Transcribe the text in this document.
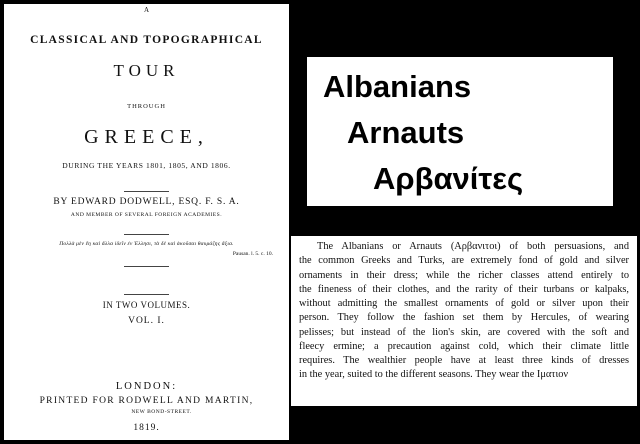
A
CLASSICAL AND TOPOGRAPHICAL
TOUR
THROUGH
GREECE,
DURING THE YEARS 1801, 1805, AND 1806.
BY EDWARD DODWELL, ESQ. F. S. A.
AND MEMBER OF SEVERAL FOREIGN ACADEMIES.
Πολλὰ μὲν ἔη καὶ ἄλλα ἰδεῖν ἐν Ἑλλησι, τὰ δὲ καὶ ἀκοῦσαι θαυμάζης ἄξια.
Pausan. l. 5. c. 10.
IN TWO VOLUMES.
VOL. I.
LONDON:
PRINTED FOR RODWELL AND MARTIN,
NEW BOND-STREET.
1819.
Albanians
Arnauts
Αρβανίτες
The Albanians or Arnauts (Αρβανιτοι) of both persuasions, and
the common Greeks and Turks, are extremely fond of gold and silver
ornaments in their dress; while the richer classes attend entirely to
the fineness of their clothes, and the rarity of their turbans or kalpaks,
without admitting the smallest ornaments of gold or silver upon their
person. They follow the fashion set them by Hercules, of wearing
pelisses; but instead of the lion's skin, are covered with the soft and
fleecy ermine; a precaution against cold, which their climate little
requires. The wealthier people have at least three kinds of dresses
in the year, suited to the different seasons. They wear the Ιματιον
